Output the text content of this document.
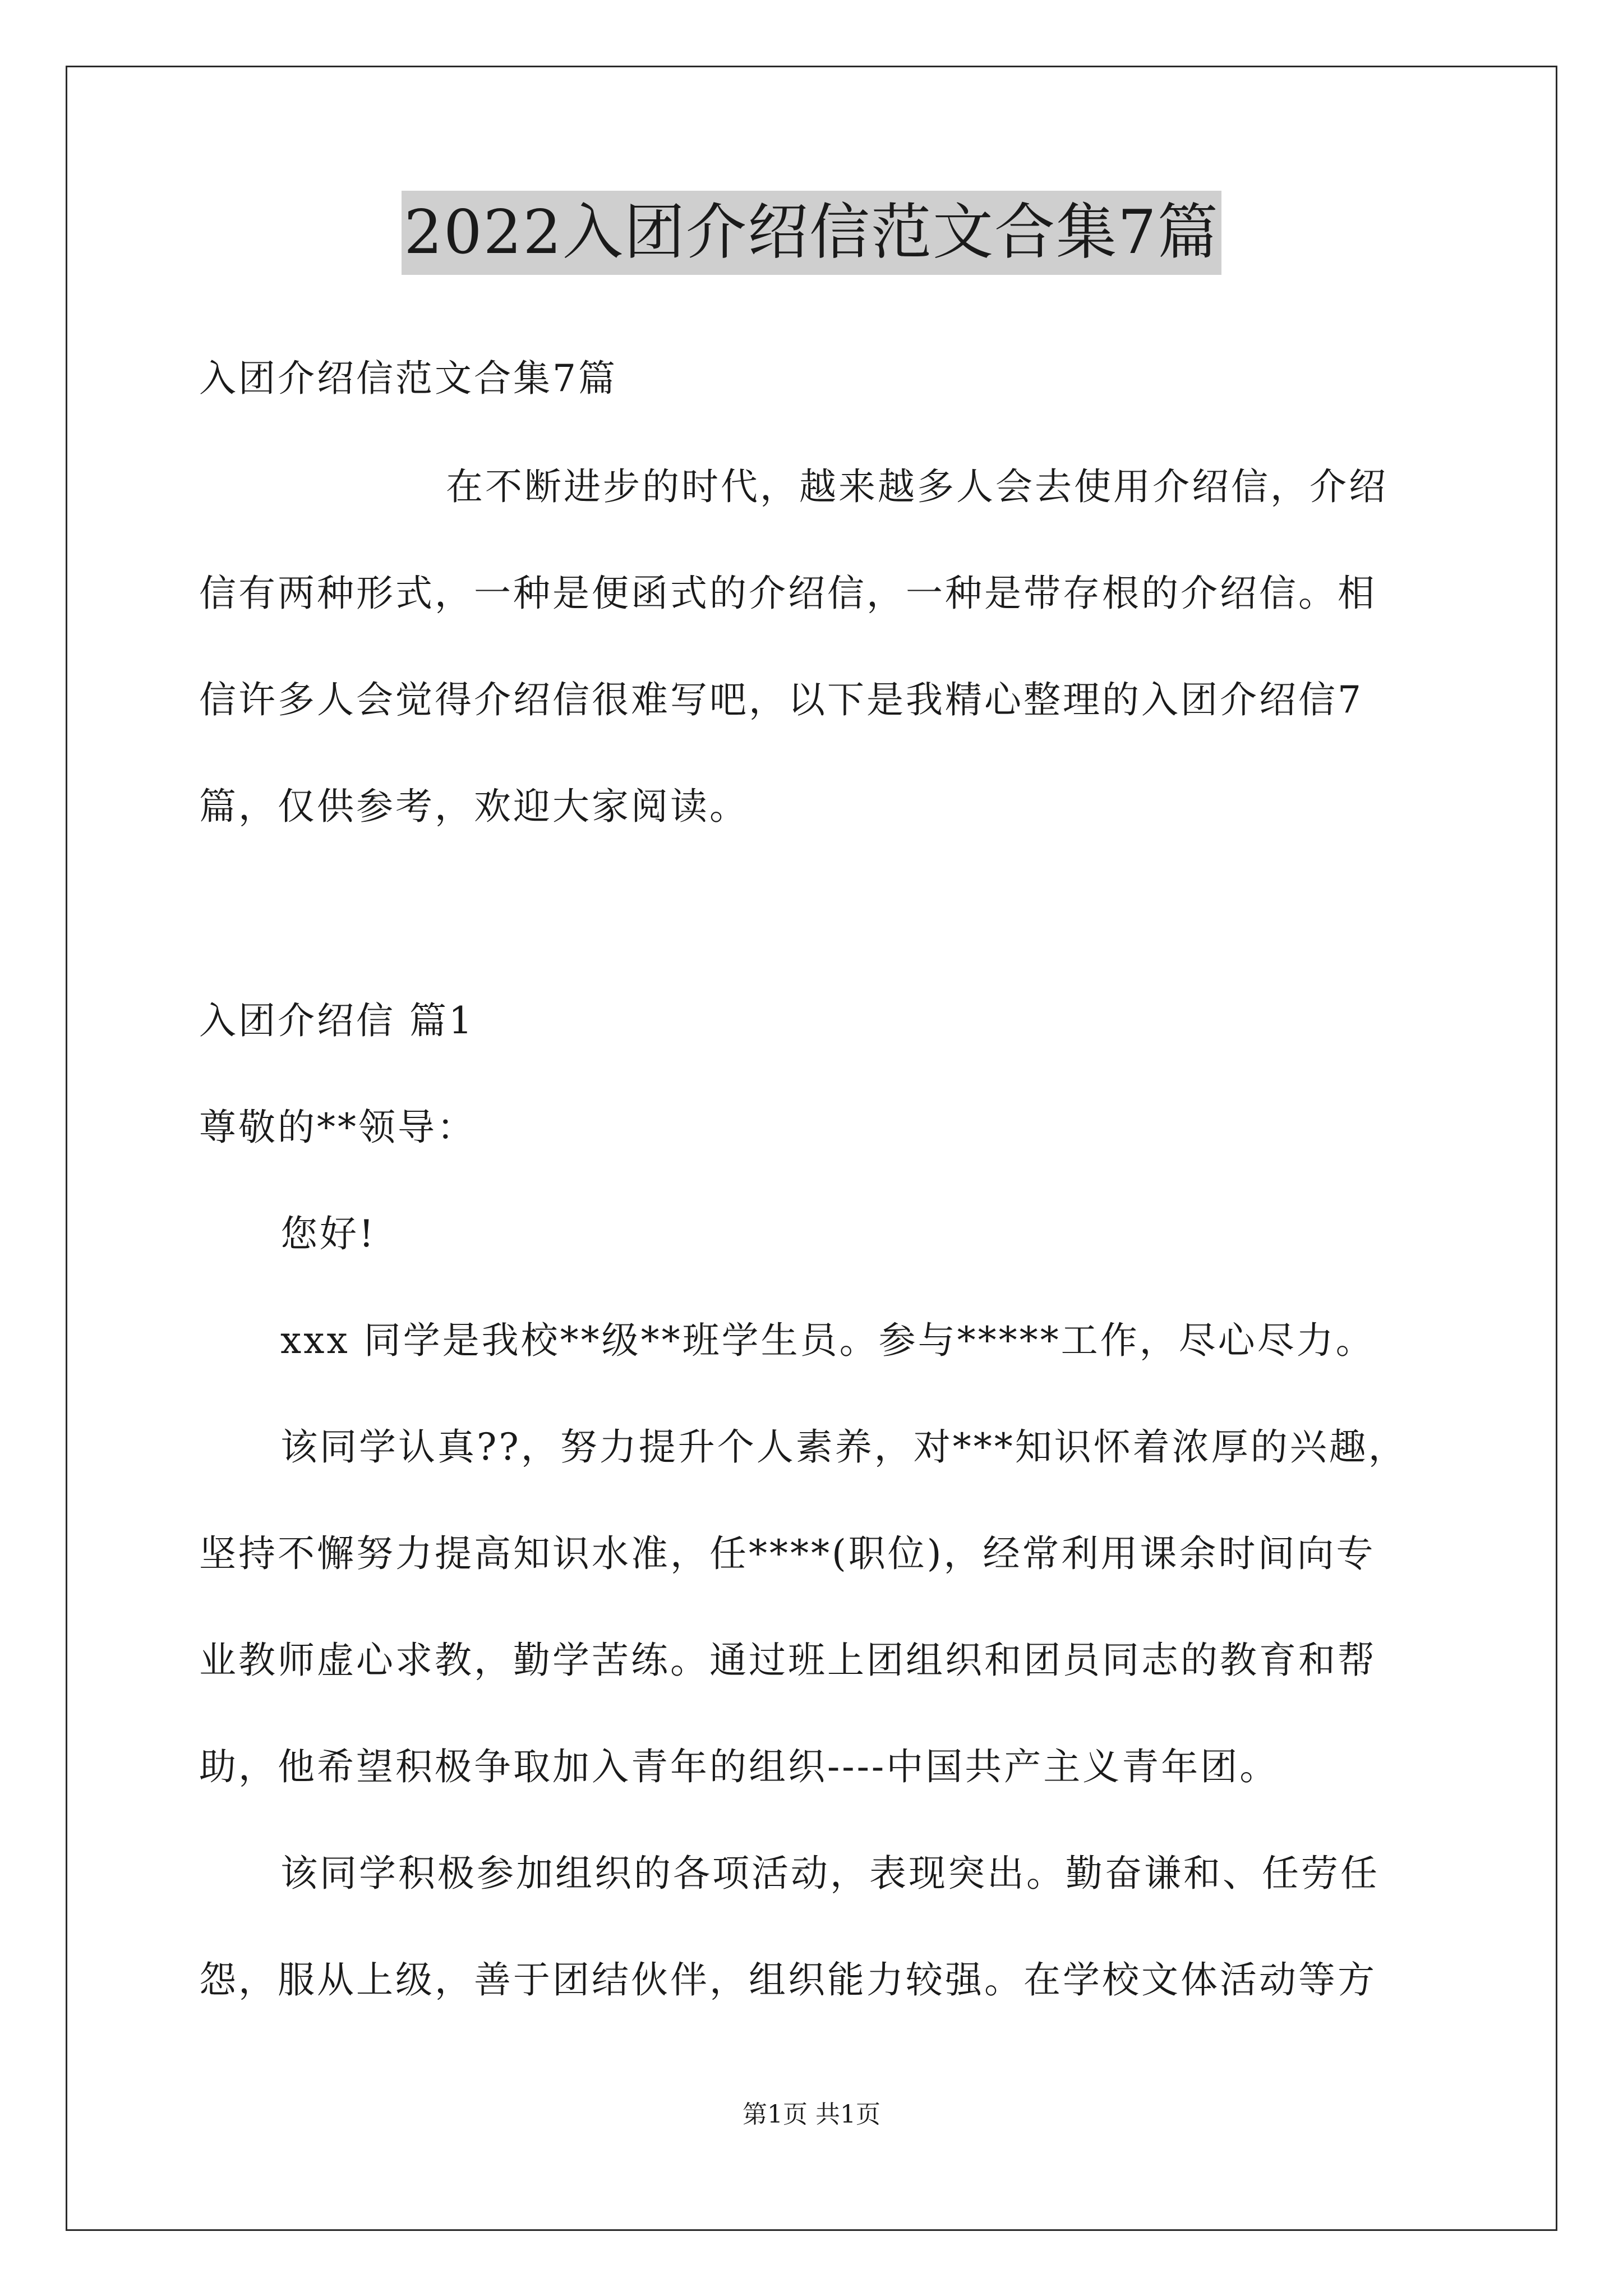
2022入团介绍信范文合集7篇
入团介绍信范文合集7篇
在不断进步的时代，越来越多人会去使用介绍信，介绍
信有两种形式，一种是便函式的介绍信，一种是带存根的介绍信。相
信许多人会觉得介绍信很难写吧，以下是我精心整理的入团介绍信7
篇，仅供参考，欢迎大家阅读。
入团介绍信 篇1
尊敬的**领导：
您好!
xxx 同学是我校**级**班学生员。参与*****工作，尽心尽力。
该同学认真??，努力提升个人素养，对***知识怀着浓厚的兴趣，
坚持不懈努力提高知识水准，任****(职位)，经常利用课余时间向专
业教师虚心求教，勤学苦练。通过班上团组织和团员同志的教育和帮
助，他希望积极争取加入青年的组织----中国共产主义青年团。
该同学积极参加组织的各项活动，表现突出。勤奋谦和、任劳任
怨，服从上级，善于团结伙伴，组织能力较强。在学校文体活动等方
第1页 共1页
